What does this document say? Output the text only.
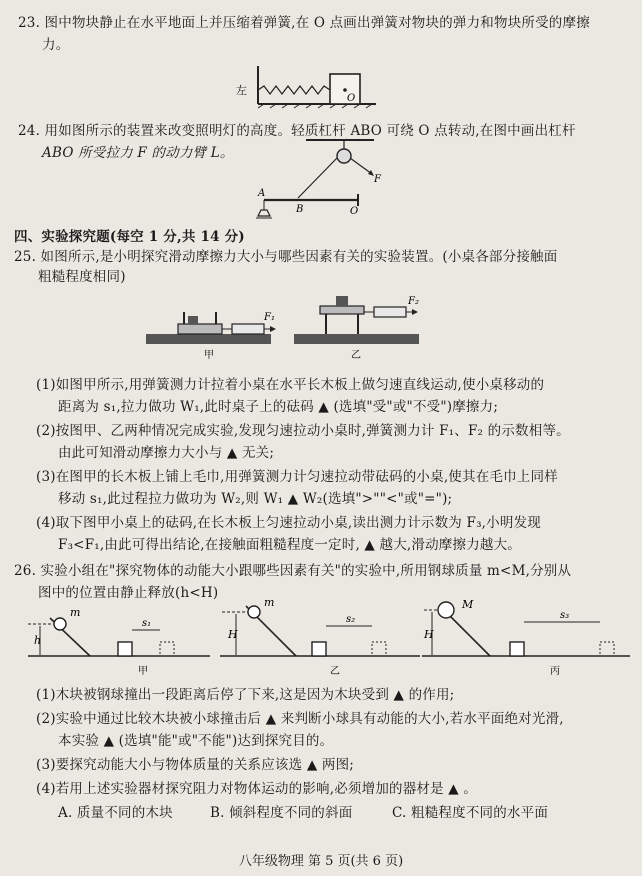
23. 图中物块静止在水平地面上并压缩着弹簧,在 O 点画出弹簧对物块的弹力和物块所受的摩擦
力。
O
左
24. 用如图所示的装置来改变照明灯的高度。轻质杠杆 ABO 可绕 O 点转动,在图中画出杠杆
ABO 所受拉力 F 的动力臂 L。
F
A
B	O
四、实验探究题(每空 1 分,共 14 分)
25. 如图所示,是小明探究滑动摩擦力大小与哪些因素有关的实验装置。(小桌各部分接触面
粗糙程度相同)
F₁
F₂
甲	乙
(1)如图甲所示,用弹簧测力计拉着小桌在水平长木板上做匀速直线运动,使小桌移动的
距离为 s₁,拉力做功 W₁,此时桌子上的砝码 ▲ (选填"受"或"不受")摩擦力;
(2)按图甲、乙两种情况完成实验,发现匀速拉动小桌时,弹簧测力计 F₁、F₂ 的示数相等。
由此可知滑动摩擦力大小与 ▲ 无关;
(3)在图甲的长木板上铺上毛巾,用弹簧测力计匀速拉动带砝码的小桌,使其在毛巾上同样
移动 s₁,此过程拉力做功为 W₂,则 W₁ ▲ W₂(选填">""<"或"=");
(4)取下图甲小桌上的砝码,在长木板上匀速拉动小桌,读出测力计示数为 F₃,小明发现
F₃<F₁,由此可得出结论,在接触面粗糙程度一定时, ▲ 越大,滑动摩擦力越大。
26. 实验小组在"探究物体的动能大小跟哪些因素有关"的实验中,所用钢球质量 m<M,分别从
图中的位置由静止释放(h<H)
h
m
s₁
H
m
s₂
H
M
s₃
甲	乙	丙
(1)木块被钢球撞出一段距离后停了下来,这是因为木块受到 ▲ 的作用;
(2)实验中通过比较木块被小球撞击后 ▲ 来判断小球具有动能的大小,若水平面绝对光滑,
本实验 ▲ (选填"能"或"不能")达到探究目的。
(3)要探究动能大小与物体质量的关系应该选 ▲ 两图;
(4)若用上述实验器材探究阻力对物体运动的影响,必须增加的器材是 ▲ 。
A. 质量不同的木块	B. 倾斜程度不同的斜面	C. 粗糙程度不同的水平面
八年级物理 第 5 页(共 6 页)
